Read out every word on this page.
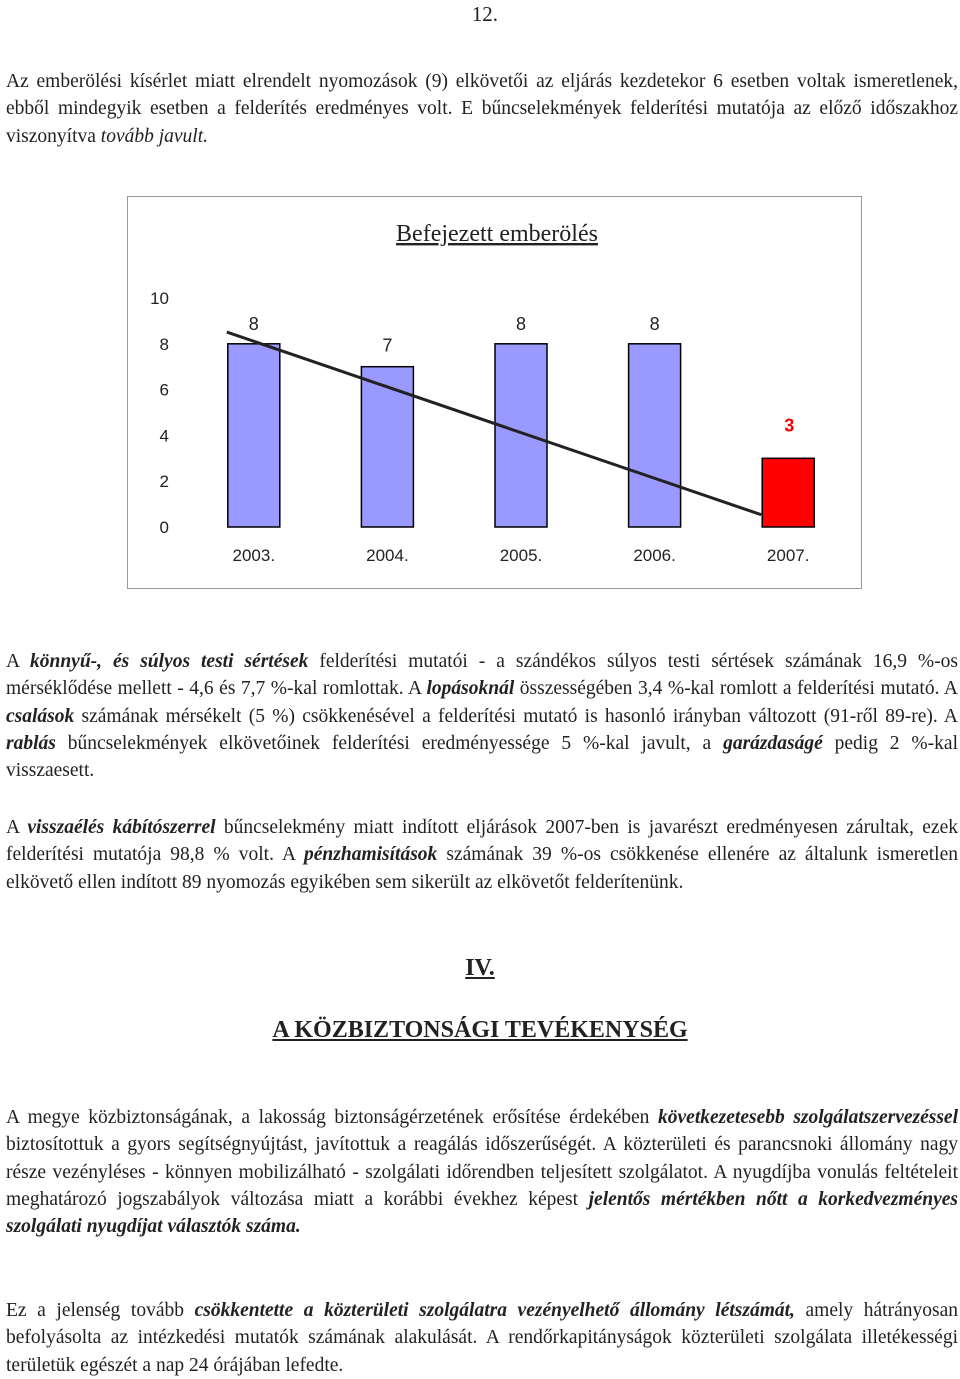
12.
Az emberölési kísérlet miatt elrendelt nyomozások (9) elkövetői az eljárás kezdetekor 6 esetben voltak ismeretlenek, ebből mindegyik esetben a felderítés eredményes volt. E bűncselekmények felderítési mutatója az előző időszakhoz viszonyítva tovább javult.
Befejezett emberölés
0
2
4
6
8
10
8
7
8	8
3
2003.	2004.	2005.	2006.	2007.
A könnyű-, és súlyos testi sértések felderítési mutatói - a szándékos súlyos testi sértések számának 16,9 %-os mérséklődése mellett - 4,6 és 7,7 %-kal romlottak. A lopásoknál összességében 3,4 %-kal romlott a felderítési mutató. A csalások számának mérsékelt (5 %) csökkenésével a felderítési mutató is hasonló irányban változott (91-ről 89-re). A rablás bűncselekmények elkövetőinek felderítési eredményessége 5 %-kal javult, a garázdaságé pedig 2 %-kal visszaesett.
A visszaélés kábítószerrel bűncselekmény miatt indított eljárások 2007-ben is javarészt eredményesen zárultak, ezek felderítési mutatója 98,8 % volt. A pénzhamisítások számának 39 %-os csökkenése ellenére az általunk ismeretlen elkövető ellen indított 89 nyomozás egyikében sem sikerült az elkövetőt felderítenünk.
IV.
A KÖZBIZTONSÁGI TEVÉKENYSÉG
A megye közbiztonságának, a lakosság biztonságérzetének erősítése érdekében következetesebb szolgálatszervezéssel biztosítottuk a gyors segítségnyújtást, javítottuk a reagálás időszerűségét. A közterületi és parancsnoki állomány nagy része vezényléses - könnyen mobilizálható - szolgálati időrendben teljesített szolgálatot. A nyugdíjba vonulás feltételeit meghatározó jogszabályok változása miatt a korábbi évekhez képest jelentős mértékben nőtt a korkedvezményes szolgálati nyugdíjat választók száma.
Ez a jelenség tovább csökkentette a közterületi szolgálatra vezényelhető állomány létszámát, amely hátrányosan befolyásolta az intézkedési mutatók számának alakulását. A rendőrkapitányságok közterületi szolgálata illetékességi területük egészét a nap 24 órájában lefedte.
